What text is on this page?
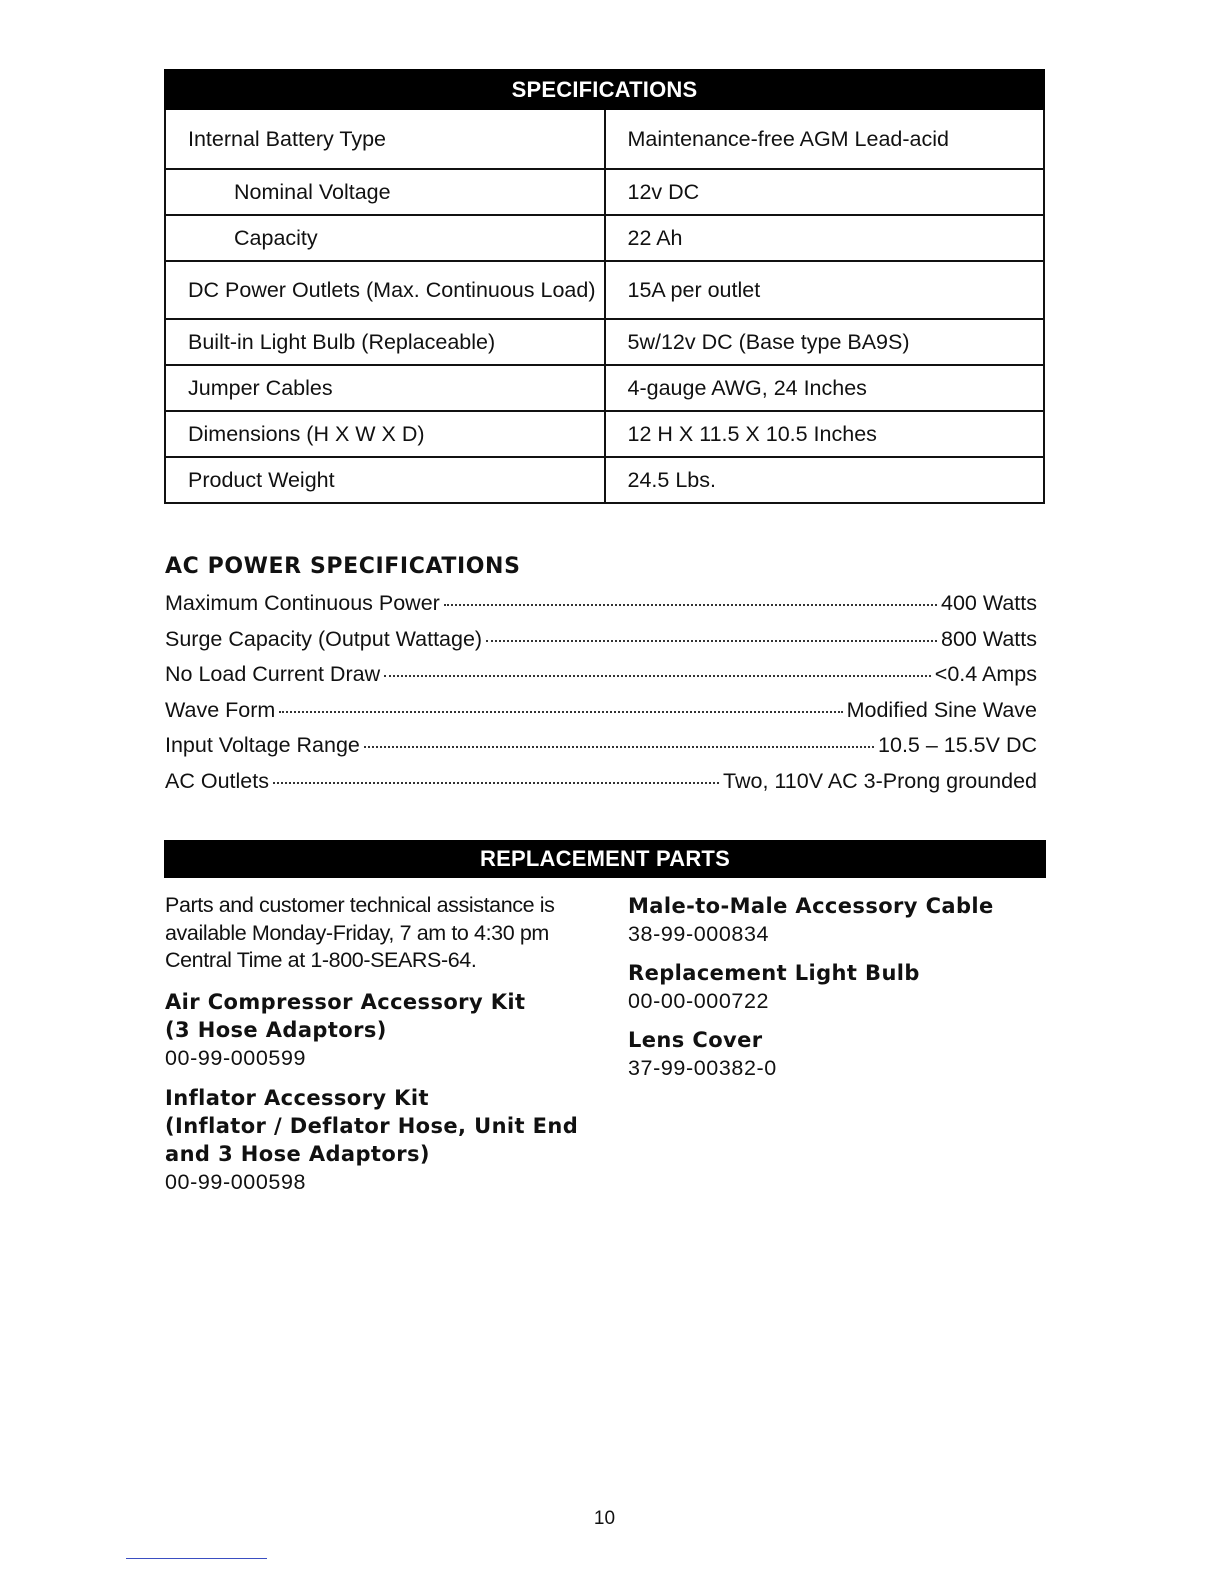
SPECIFICATIONS	
Internal Battery Type	Maintenance-free AGM Lead-acid
Nominal Voltage	12v DC
Capacity	22 Ah
DC Power Outlets (Max. Continuous Load)	15A per outlet
Built-in Light Bulb (Replaceable)	5w/12v DC (Base type BA9S)
Jumper Cables	4-gauge AWG, 24 Inches
Dimensions (H X W X D)	12 H X 11.5 X 10.5 Inches
Product Weight	24.5 Lbs.
AC POWER SPECIFICATIONS
Maximum Continuous Power	400 Watts
Surge Capacity (Output Wattage)	800 Watts
No Load Current Draw	<0.4 Amps
Wave Form	Modified Sine Wave
Input Voltage Range	10.5 – 15.5V DC
AC Outlets	Two, 110V AC 3-Prong grounded
REPLACEMENT PARTS

Parts and customer technical assistance is available Monday-Friday, 7 am to 4:30 pm Central Time at 1-800-SEARS-64.

Air Compressor Accessory Kit
(3 Hose Adaptors)
00-99-000599
Inflator Accessory Kit
(Inflator / Deflator Hose, Unit End
and 3 Hose Adaptors)
00-99-000598
Male-to-Male Accessory Cable
38-99-000834
Replacement Light Bulb
00-00-000722
Lens Cover
37-99-00382-0
10
